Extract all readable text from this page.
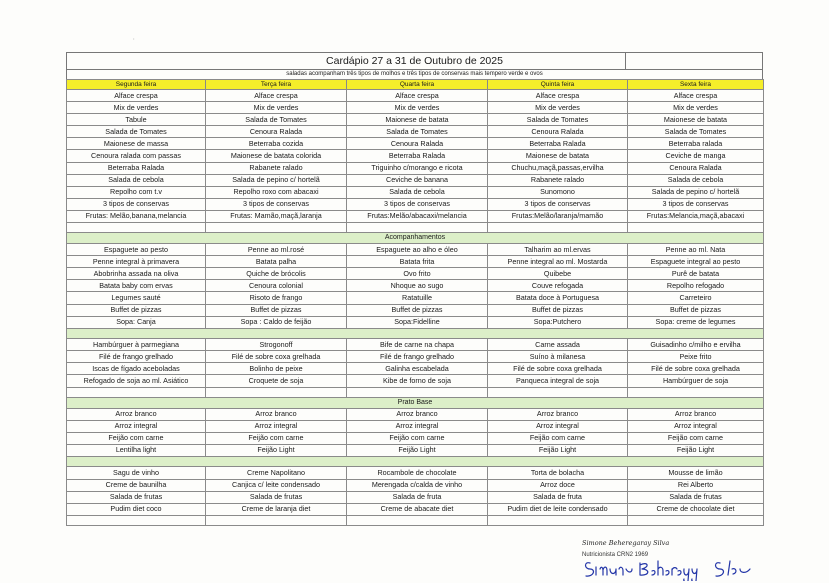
Cardápio 27 a 31 de Outubro de 2025
saladas acompanham três tipos de molhos e três tipos de conservas mais tempero verde e ovos
Segunda feira	Terça feira	Quarta feira	Quinta feira	Sexta feira
Alface crespa	Alface crespa	Alface crespa	Alface crespa	Alface crespa
Mix de verdes	Mix de verdes	Mix de verdes	Mix de verdes	Mix de verdes
Tabule	Salada de Tomates	Maionese de batata	Salada de Tomates	Maionese de batata
Salada de Tomates	Cenoura Ralada	Salada de Tomates	Cenoura Ralada	Salada de Tomates
Maionese de massa	Beterraba cozida	Cenoura Ralada	Beterraba Ralada	Beterraba ralada
Cenoura ralada com passas	Maionese de batata colorida	Beterraba Ralada	Maionese de batata	Ceviche de manga
Beterraba Ralada	Rabanete ralado	Triguinho c/morango e ricota	Chuchu,maçã,passas,ervilha	Cenoura Ralada
Salada de cebola	Salada de pepino c/ hortelã	Ceviche de banana	Rabanete ralado	Salada de cebola
Repolho com t.v	Repolho roxo com abacaxi	Salada de cebola	Sunomono	Salada de pepino c/ hortelã
3 tipos de conservas	3 tipos de conservas	3 tipos de conservas	3 tipos de conservas	3 tipos de conservas
Frutas: Melão,banana,melancia	Frutas: Mamão,maçã,laranja	Frutas:Melão/abacaxi/melancia	Frutas:Melão/laranja/mamão	Frutas:Melancia,maçã,abacaxi

Acompanhamentos				
Espaguete ao pesto	Penne ao ml.rosé	Espaguete ao alho e óleo	Talharim ao ml.ervas	Penne ao ml. Nata
Penne integral à primavera	Batata palha	Batata frita	Penne integral ao ml. Mostarda	Espaguete integral ao pesto
Abobrinha assada na oliva	Quiche de brócolis	Ovo frito	Quibebe	Purê de batata
Batata baby com ervas	Cenoura colonial	Nhoque ao sugo	Couve refogada	Repolho refogado
Legumes sauté	Risoto de frango	Ratatuille	Batata doce à Portuguesa	Carreteiro
Buffet de pizzas	Buffet de pizzas	Buffet de pizzas	Buffet de pizzas	Buffet de pizzas
Sopa: Canja	Sopa : Caldo de feijão	Sopa:Fidelline	Sopa:Putchero	Sopa: creme de legumes

Hambúrguer à parmegiana	Strogonoff	Bife de carne na chapa	Carne assada	Guisadinho c/milho e ervilha
Filé de frango grelhado	Filé de sobre coxa grelhada	Filé de frango grelhado	Suíno à milanesa	Peixe frito
Iscas de fígado aceboladas	Bolinho de peixe	Galinha escabelada	Filé de sobre coxa grelhada	Filé de sobre coxa grelhada
Refogado de soja ao ml. Asiático	Croquete de soja	Kibe de forno de soja	Panqueca integral de soja	Hambúrguer de soja

Prato Base				
Arroz branco	Arroz branco	Arroz branco	Arroz branco	Arroz branco
Arroz integral	Arroz integral	Arroz integral	Arroz integral	Arroz integral
Feijão com carne	Feijão com carne	Feijão com carne	Feijão com carne	Feijão com carne
Lentilha light	Feijão Light	Feijão Light	Feijão Light	Feijão Light

Sagu de vinho	Creme Napolitano	Rocambole de chocolate	Torta de bolacha	Mousse de limão
Creme de baunilha	Canjica c/ leite condensado	Merengada c/calda de vinho	Arroz doce	Rei Alberto
Salada de frutas	Salada de frutas	Salada de fruta	Salada de fruta	Salada de frutas
Pudim diet coco	Creme de laranja diet	Creme de abacate diet	Pudim diet de leite condensado	Creme de chocolate diet

Simone Beheregaray Silva
Nutricionista CRN2 1969
•
